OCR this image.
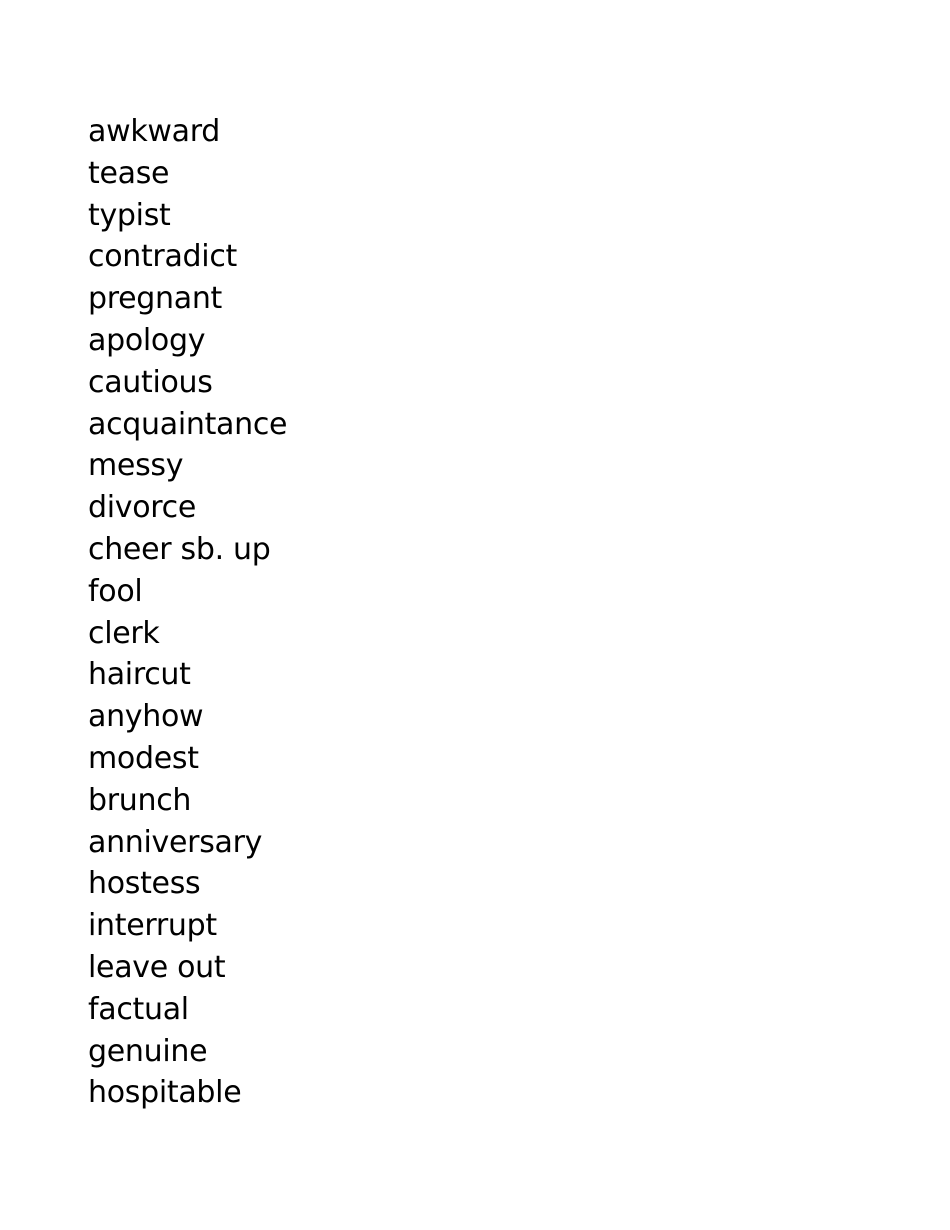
awkward
tease
typist
contradict
pregnant
apology
cautious
acquaintance
messy
divorce
cheer sb. up
fool
clerk
haircut
anyhow
modest
brunch
anniversary
hostess
interrupt
leave out
factual
genuine
hospitable
